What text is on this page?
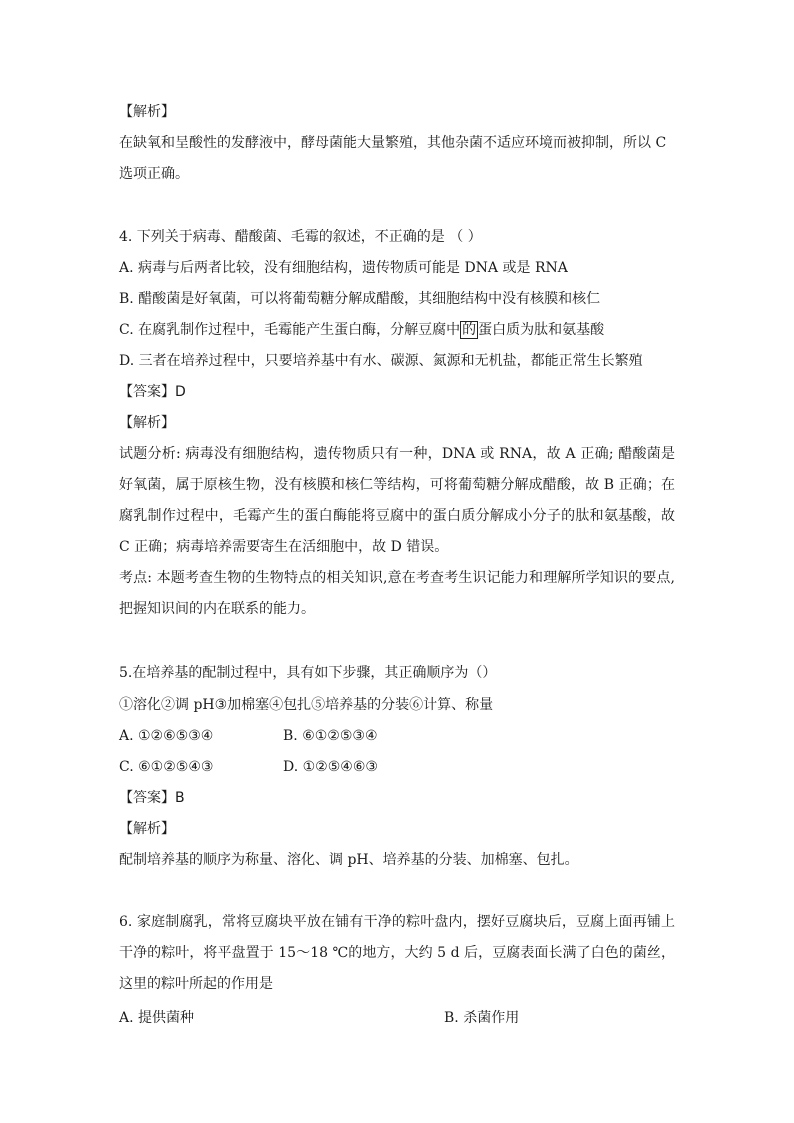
【解析】
在缺氧和呈酸性的发酵液中，酵母菌能大量繁殖，其他杂菌不适应环境而被抑制，所以 C
选项正确。
4. 下列关于病毒、醋酸菌、毛霉的叙述，不正确的是 （ ）
A. 病毒与后两者比较，没有细胞结构，遗传物质可能是 DNA 或是 RNA
B. 醋酸菌是好氧菌，可以将葡萄糖分解成醋酸，其细胞结构中没有核膜和核仁
C. 在腐乳制作过程中，毛霉能产生蛋白酶，分解豆腐中 的 蛋白质为肽和氨基酸
D. 三者在培养过程中，只要培养基中有水、碳源、氮源和无机盐，都能正常生长繁殖
【答案】D
【解析】
试题分析: 病毒没有细胞结构，遗传物质只有一种，DNA 或 RNA，故 A 正确; 醋酸菌是好氧菌，属于原核生物，没有核膜和核仁等结构，可将葡萄糖分解成醋酸，故 B 正确；在腐乳制作过程中，毛霉产生的蛋白酶能将豆腐中的蛋白质分解成小分子的肽和氨基酸，故 C 正确；病毒培养需要寄生在活细胞中，故 D 错误。
考点: 本题考查生物的生物特点的相关知识,意在考查考生识记能力和理解所学知识的要点,把握知识间的内在联系的能力。
5.在培养基的配制过程中，具有如下步骤，其正确顺序为（）
①溶化②调 pH③加棉塞④包扎⑤培养基的分装⑥计算、称量
A. ①②⑥⑤③④	B. ⑥①②⑤③④
C. ⑥①②⑤④③	D. ①②⑤④⑥③
【答案】B
【解析】
配制培养基的顺序为称量、溶化、调 pH、培养基的分装、加棉塞、包扎。
6. 家庭制腐乳，常将豆腐块平放在铺有干净的粽叶盘内，摆好豆腐块后，豆腐上面再铺上干净的粽叶，将平盘置于 15～18 ℃的地方，大约 5 d 后，豆腐表面长满了白色的菌丝，这里的粽叶所起的作用是
A. 提供菌种	B. 杀菌作用
